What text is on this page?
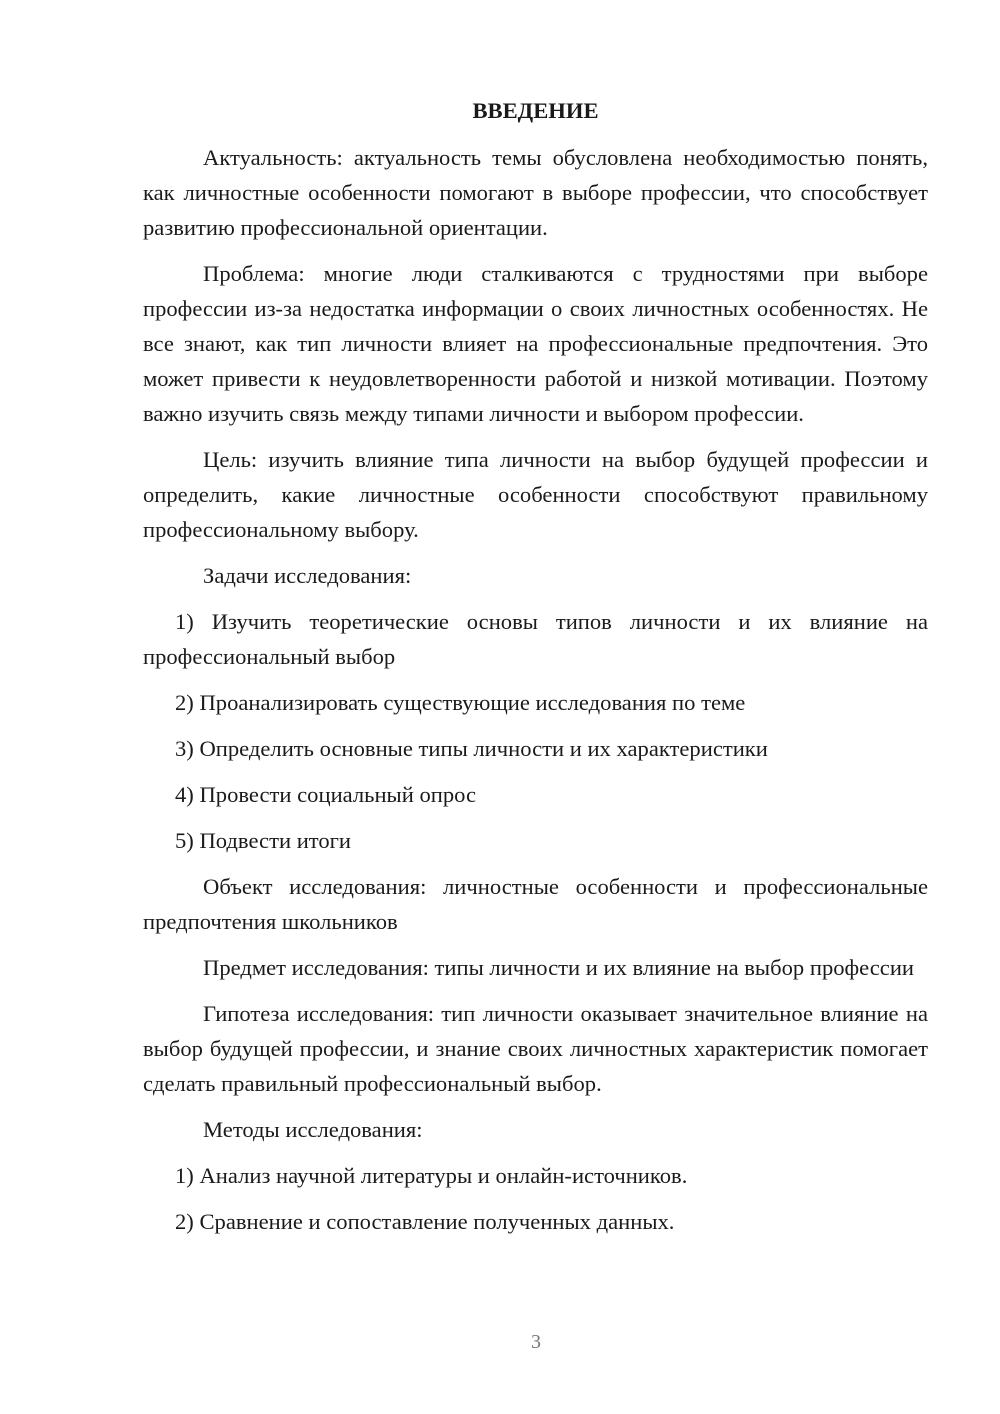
ВВЕДЕНИЕ

Актуальность: актуальность темы обусловлена необходимостью понять, как личностные особенности помогают в выборе профессии, что способствует развитию профессиональной ориентации.

Проблема: многие люди сталкиваются с трудностями при выборе профессии из-за недостатка информации о своих личностных особенностях. Не все знают, как тип личности влияет на профессиональные предпочтения. Это может привести к неудовлетворенности работой и низкой мотивации. Поэтому важно изучить связь между типами личности и выбором профессии.

Цель: изучить влияние типа личности на выбор будущей профессии и определить, какие личностные особенности способствуют правильному профессиональному выбору.

Задачи исследования:

1) Изучить теоретические основы типов личности и их влияние на профессиональный выбор

2) Проанализировать существующие исследования по теме

3) Определить основные типы личности и их характеристики

4) Провести социальный опрос

5) Подвести итоги

Объект исследования: личностные особенности и профессиональные предпочтения школьников

Предмет исследования: типы личности и их влияние на выбор профессии

Гипотеза исследования: тип личности оказывает значительное влияние на выбор будущей профессии, и знание своих личностных характеристик помогает сделать правильный профессиональный выбор.

Методы исследования:

1) Анализ научной литературы и онлайн-источников.

2) Сравнение и сопоставление полученных данных.

3
